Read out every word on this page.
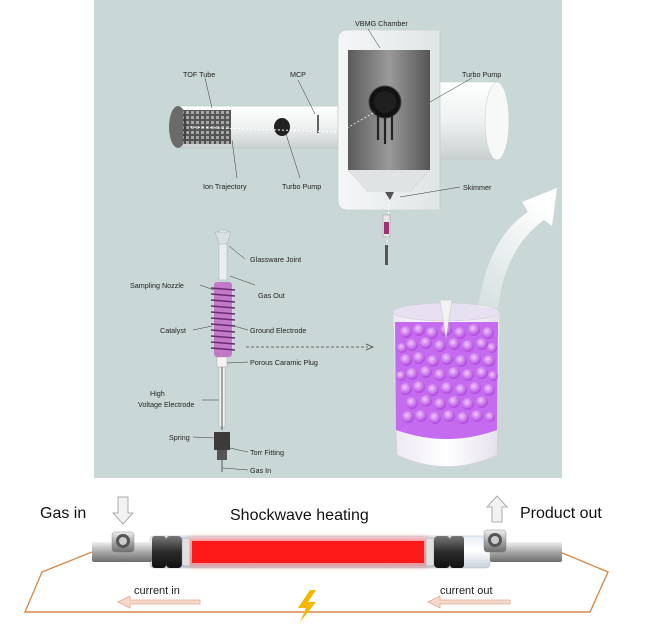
VBMG Chamber
TOF Tube	MCP	Turbo Pump
Ion Trajectory	Turbo Pump	Skimmer
Glassware Joint
Gas Out
Sampling Nozzle
Catalyst	Ground Electrode
Porous Caramic Plug
High
Voltage Electrode
Spring
Torr Fitting
Gas In
current in	current out
Gas in	Shockwave heating	Product out
